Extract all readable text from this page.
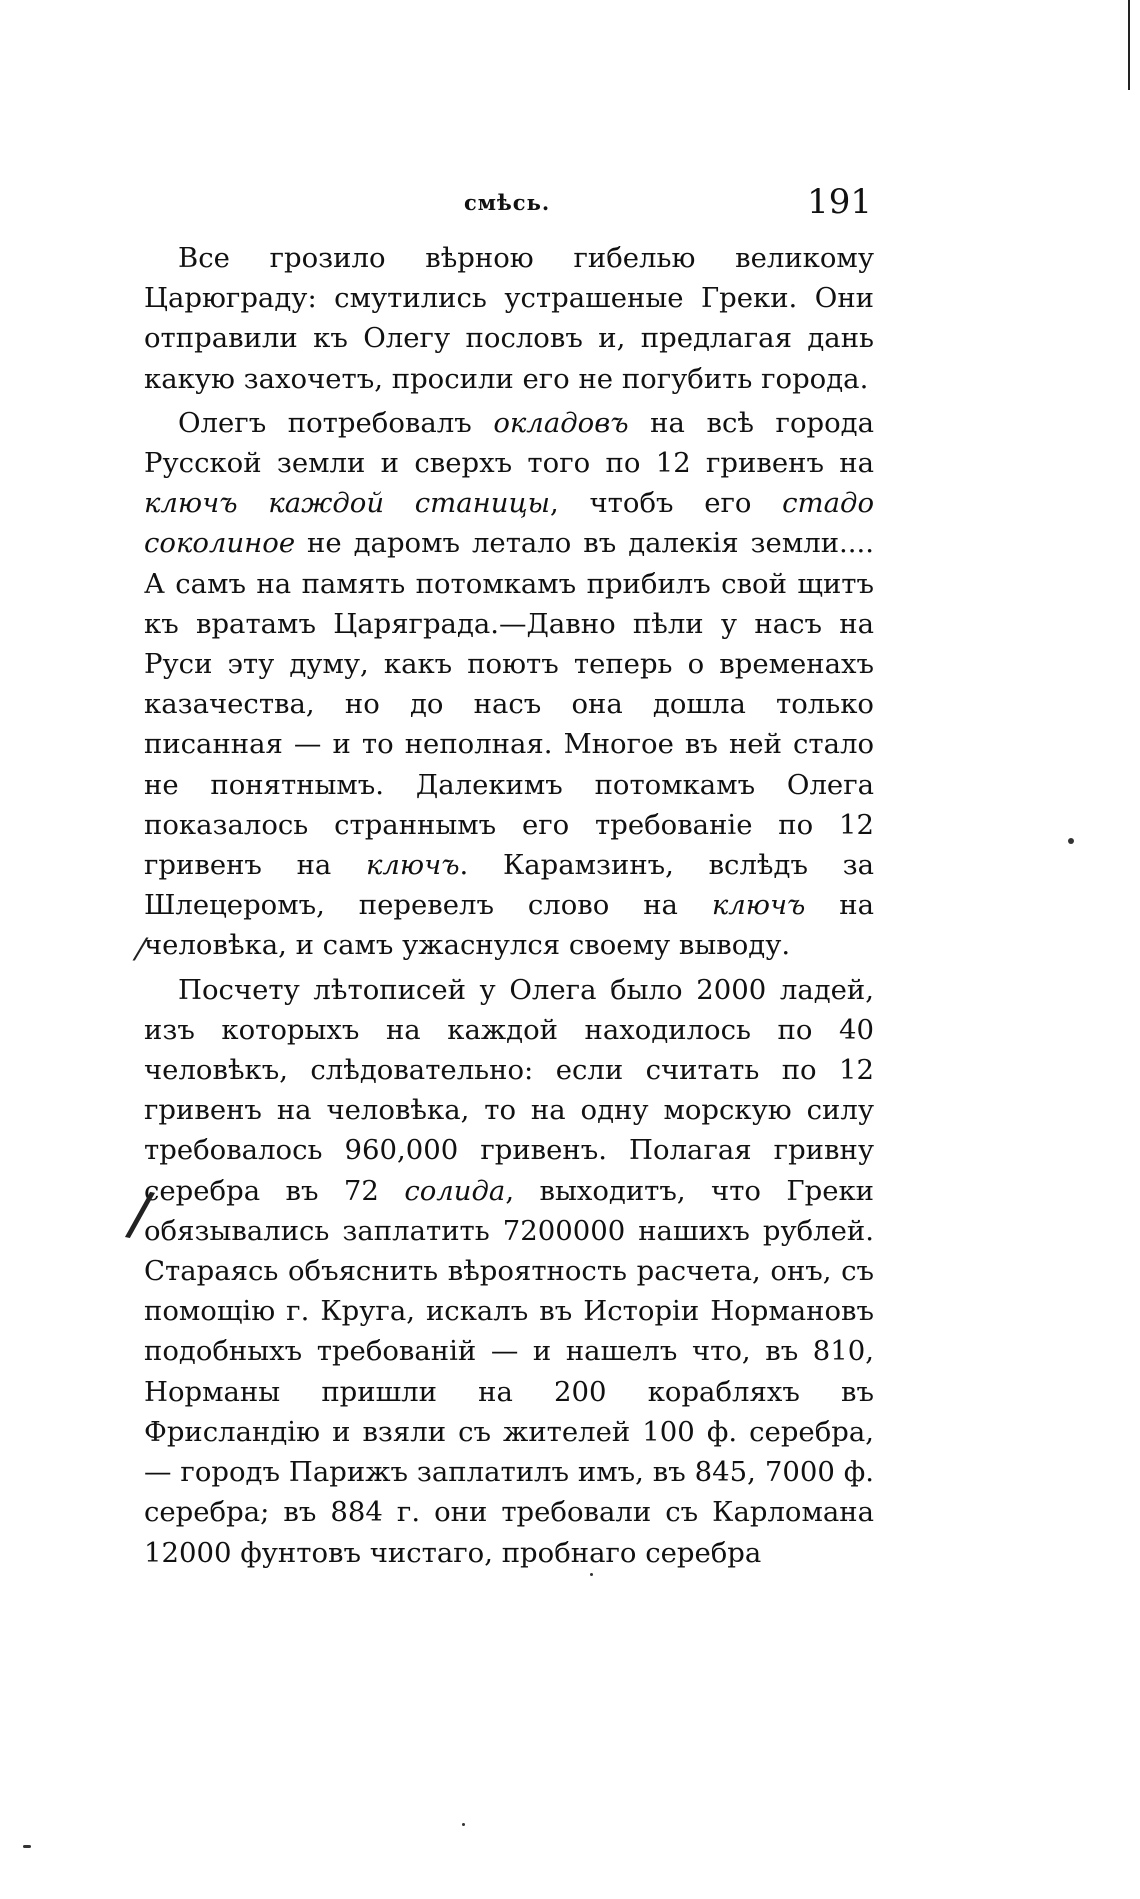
смѣсь.	191

Все грозило вѣрною гибелью великому Царюграду: смутились устрашеные Греки. Они отправили къ Олегу пословъ и, предлагая дань какую захочетъ, просили его не погубить города.

Олегъ потребовалъ окладовъ на всѣ города Русской земли и сверхъ того по 12 гривенъ на ключъ каждой станицы, чтобъ его стадо соколиное не даромъ летало въ далекія земли.... А самъ на память потомкамъ прибилъ свой щитъ къ вратамъ Царяграда.—Давно пѣли у насъ на Руси эту думу, какъ поютъ теперь о временахъ казачества, но до насъ она дошла только писанная — и то неполная. Многое въ ней стало не понятнымъ. Далекимъ потомкамъ Олега показалось страннымъ его требованіе по 12 гривенъ на ключъ. Карамзинъ, вслѣдъ за Шлецеромъ, перевелъ слово на ключъ на человѣка, и самъ ужаснулся своему выводу.

Посчету лѣтописей у Олега было 2000 ладей, изъ которыхъ на каждой находилось по 40 человѣкъ, слѣдовательно: если считать по 12 гривенъ на человѣка, то на одну морскую силу требовалось 960,000 гривенъ. Полагая гривну серебра въ 72 солида, выходитъ, что Греки обязывались заплатить 7200000 нашихъ рублей. Стараясь объяснить вѣроятность расчета, онъ, съ помощію г. Круга, искалъ въ Исторіи Нормановъ подобныхъ требованій — и нашелъ что, въ 810, Норманы пришли на 200 корабляхъ въ Фрисландію и взяли съ жителей 100 ф. серебра, — городъ Парижъ заплатилъ имъ, въ 845, 7000 ф. серебра; въ 884 г. они требовали съ Карломана 12000 фунтовъ чистаго, пробнаго серебра

⁄
/
